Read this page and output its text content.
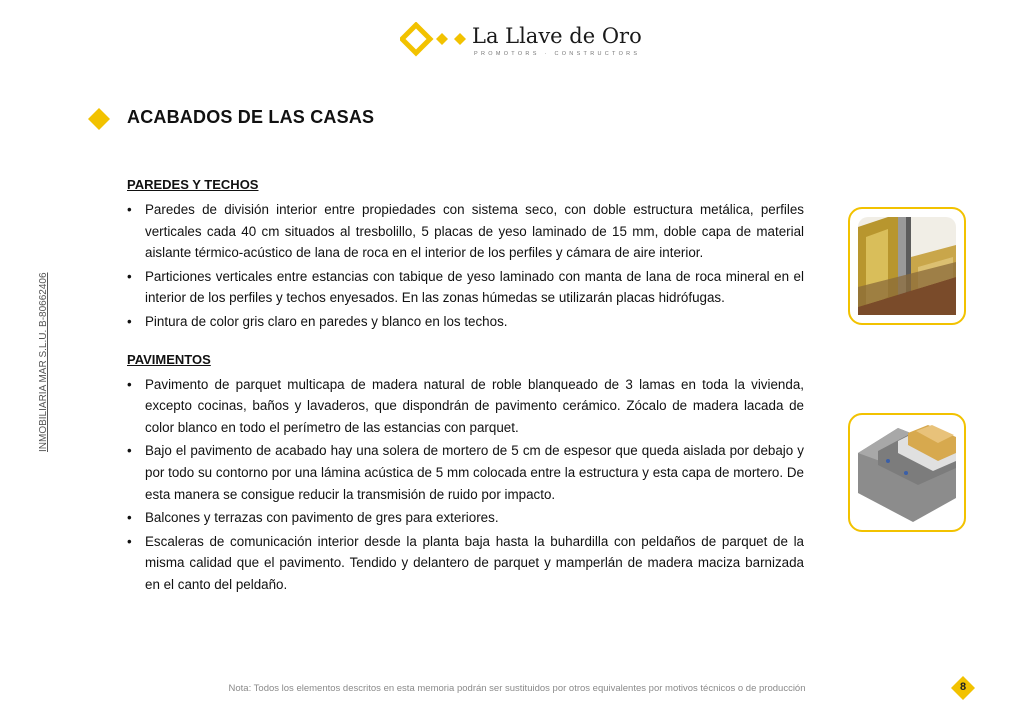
La Llave de Oro
PROMOTORS · CONSTRUCTORS
INMOBILIARIA MAR S.L.U. B-80662406
ACABADOS DE LAS CASAS
PAREDES Y TECHOS
• Paredes de división interior entre propiedades con sistema seco, con doble estructura metálica, perfiles verticales cada 40 cm situados al tresbolillo, 5 placas de yeso laminado de 15 mm, doble capa de material aislante térmico-acústico de lana de roca en el interior de los perfiles y cámara de aire interior.
• Particiones verticales entre estancias con tabique de yeso laminado con manta de lana de roca mineral en el interior de los perfiles y techos enyesados. En las zonas húmedas se utilizarán placas hidrófugas.
• Pintura de color gris claro en paredes y blanco en los techos.
PAVIMENTOS
• Pavimento de parquet multicapa de madera natural de roble blanqueado de 3 lamas en toda la vivienda, excepto cocinas, baños y lavaderos, que dispondrán de pavimento cerámico. Zócalo de madera lacada de color blanco en todo el perímetro de las estancias con parquet.
• Bajo el pavimento de acabado hay una solera de mortero de 5 cm de espesor que queda aislada por debajo y por todo su contorno por una lámina acústica de 5 mm colocada entre la estructura y esta capa de mortero. De esta manera se consigue reducir la transmisión de ruido por impacto.
• Balcones y terrazas con pavimento de gres para exteriores.
• Escaleras de comunicación interior desde la planta baja hasta la buhardilla con peldaños de parquet de la misma calidad que el pavimento. Tendido y delantero de parquet y mamperlán de madera maciza barnizada en el canto del peldaño.
Nota: Todos los elementos descritos en esta memoria podrán ser sustituidos por otros equivalentes por motivos técnicos o de producción	8
